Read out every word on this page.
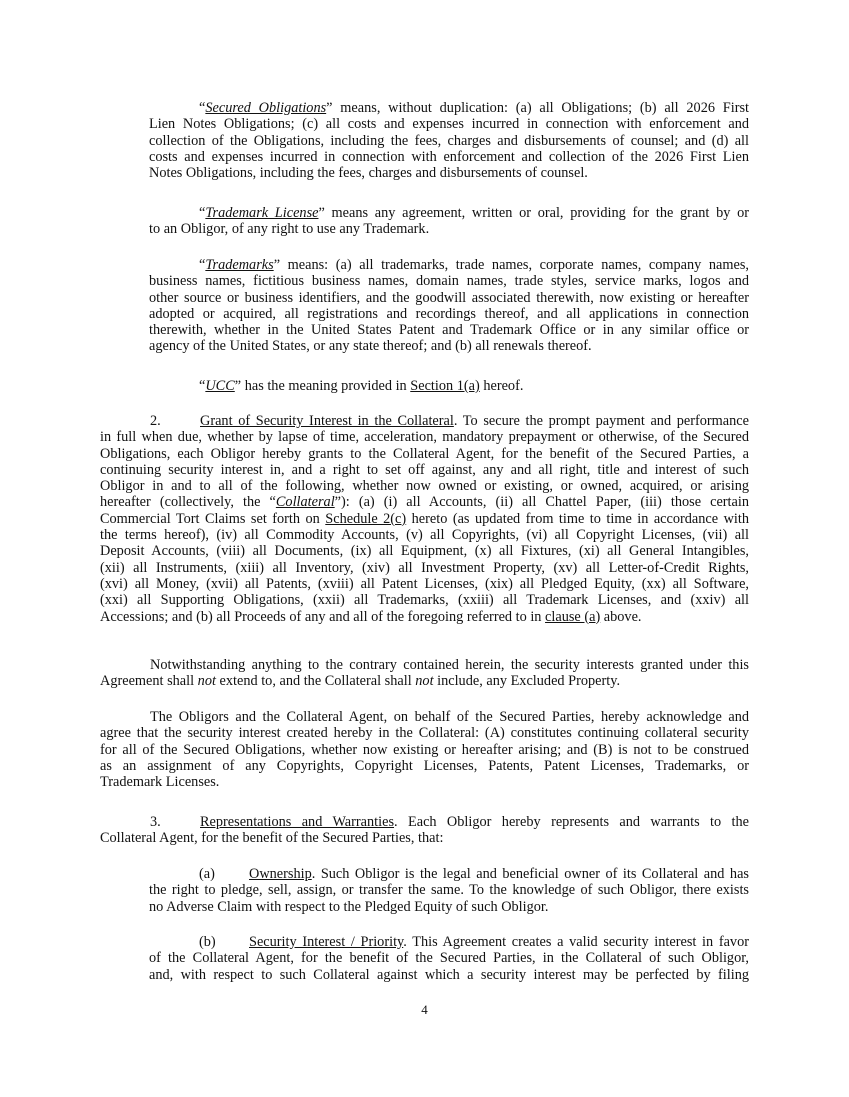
“Secured Obligations” means, without duplication: (a) all Obligations; (b) all 2026 First
Lien Notes Obligations; (c) all costs and expenses incurred in connection with enforcement and
collection of the Obligations, including the fees, charges and disbursements of counsel; and (d) all
costs and expenses incurred in connection with enforcement and collection of the 2026 First Lien
Notes Obligations, including the fees, charges and disbursements of counsel.
“Trademark License” means any agreement, written or oral, providing for the grant by or
to an Obligor, of any right to use any Trademark.
“Trademarks” means: (a) all trademarks, trade names, corporate names, company names,
business names, fictitious business names, domain names, trade styles, service marks, logos and
other source or business identifiers, and the goodwill associated therewith, now existing or hereafter
adopted or acquired, all registrations and recordings thereof, and all applications in connection
therewith, whether in the United States Patent and Trademark Office or in any similar office or
agency of the United States, or any state thereof; and (b) all renewals thereof.
“UCC” has the meaning provided in Section 1(a) hereof.
2.	Grant of Security Interest in the Collateral. To secure the prompt payment and performance
in full when due, whether by lapse of time, acceleration, mandatory prepayment or otherwise, of the Secured
Obligations, each Obligor hereby grants to the Collateral Agent, for the benefit of the Secured Parties, a
continuing security interest in, and a right to set off against, any and all right, title and interest of such
Obligor in and to all of the following, whether now owned or existing, or owned, acquired, or arising
hereafter (collectively, the “Collateral”): (a) (i) all Accounts, (ii) all Chattel Paper, (iii) those certain
Commercial Tort Claims set forth on Schedule 2(c) hereto (as updated from time to time in accordance with
the terms hereof), (iv) all Commodity Accounts, (v) all Copyrights, (vi) all Copyright Licenses, (vii) all
Deposit Accounts, (viii) all Documents, (ix) all Equipment, (x) all Fixtures, (xi) all General Intangibles,
(xii) all Instruments, (xiii) all Inventory, (xiv) all Investment Property, (xv) all Letter-of-Credit Rights,
(xvi) all Money, (xvii) all Patents, (xviii) all Patent Licenses, (xix) all Pledged Equity, (xx) all Software,
(xxi) all Supporting Obligations, (xxii) all Trademarks, (xxiii) all Trademark Licenses, and (xxiv) all
Accessions; and (b) all Proceeds of any and all of the foregoing referred to in clause (a) above.
Notwithstanding anything to the contrary contained herein, the security interests granted under this
Agreement shall not extend to, and the Collateral shall not include, any Excluded Property.
The Obligors and the Collateral Agent, on behalf of the Secured Parties, hereby acknowledge and
agree that the security interest created hereby in the Collateral: (A) constitutes continuing collateral security
for all of the Secured Obligations, whether now existing or hereafter arising; and (B) is not to be construed
as an assignment of any Copyrights, Copyright Licenses, Patents, Patent Licenses, Trademarks, or
Trademark Licenses.
3.	Representations and Warranties. Each Obligor hereby represents and warrants to the
Collateral Agent, for the benefit of the Secured Parties, that:
(a) Ownership. Such Obligor is the legal and beneficial owner of its Collateral and has
the right to pledge, sell, assign, or transfer the same. To the knowledge of such Obligor, there exists
no Adverse Claim with respect to the Pledged Equity of such Obligor.
(b) Security Interest / Priority. This Agreement creates a valid security interest in favor
of the Collateral Agent, for the benefit of the Secured Parties, in the Collateral of such Obligor,
and, with respect to such Collateral against which a security interest may be perfected by filing
4
